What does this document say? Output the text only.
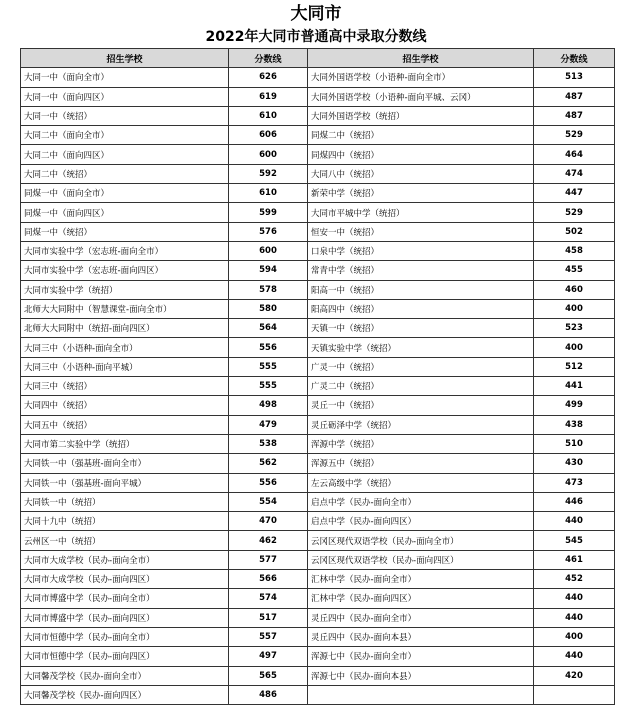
大同市
2022年大同市普通高中录取分数线
招生学校	分数线	招生学校	分数线
大同一中（面向全市）	626	大同外国语学校（小语种-面向全市）	513
大同一中（面向四区）	619	大同外国语学校（小语种-面向平城、云冈）	487
大同一中（统招）	610	大同外国语学校（统招）	487
大同二中（面向全市）	606	同煤二中（统招）	529
大同二中（面向四区）	600	同煤四中（统招）	464
大同二中（统招）	592	大同八中（统招）	474
同煤一中（面向全市）	610	新荣中学（统招）	447
同煤一中（面向四区）	599	大同市平城中学（统招）	529
同煤一中（统招）	576	恒安一中（统招）	502
大同市实验中学（宏志班-面向全市）	600	口泉中学（统招）	458
大同市实验中学（宏志班-面向四区）	594	常青中学（统招）	455
大同市实验中学（统招）	578	阳高一中（统招）	460
北师大大同附中（智慧课堂-面向全市）	580	阳高四中（统招）	400
北师大大同附中（统招-面向四区）	564	天镇一中（统招）	523
大同三中（小语种-面向全市）	556	天镇实验中学（统招）	400
大同三中（小语种-面向平城）	555	广灵一中（统招）	512
大同三中（统招）	555	广灵二中（统招）	441
大同四中（统招）	498	灵丘一中（统招）	499
大同五中（统招）	479	灵丘砺泽中学（统招）	438
大同市第二实验中学（统招）	538	浑源中学（统招）	510
大同铁一中（强基班-面向全市）	562	浑源五中（统招）	430
大同铁一中（强基班-面向平城）	556	左云高级中学（统招）	473
大同铁一中（统招）	554	启点中学（民办-面向全市）	446
大同十九中（统招）	470	启点中学（民办-面向四区）	440
云州区一中（统招）	462	云冈区现代双语学校（民办-面向全市）	545
大同市大成学校（民办-面向全市）	577	云冈区现代双语学校（民办-面向四区）	461
大同市大成学校（民办-面向四区）	566	汇林中学（民办-面向全市）	452
大同市博盛中学（民办-面向全市）	574	汇林中学（民办-面向四区）	440
大同市博盛中学（民办-面向四区）	517	灵丘四中（民办-面向全市）	440
大同市恒德中学（民办-面向全市）	557	灵丘四中（民办-面向本县）	400
大同市恒德中学（民办-面向四区）	497	浑源七中（民办-面向全市）	440
大同馨茂学校（民办-面向全市）	565	浑源七中（民办-面向本县）	420
大同馨茂学校（民办-面向四区）	486		
